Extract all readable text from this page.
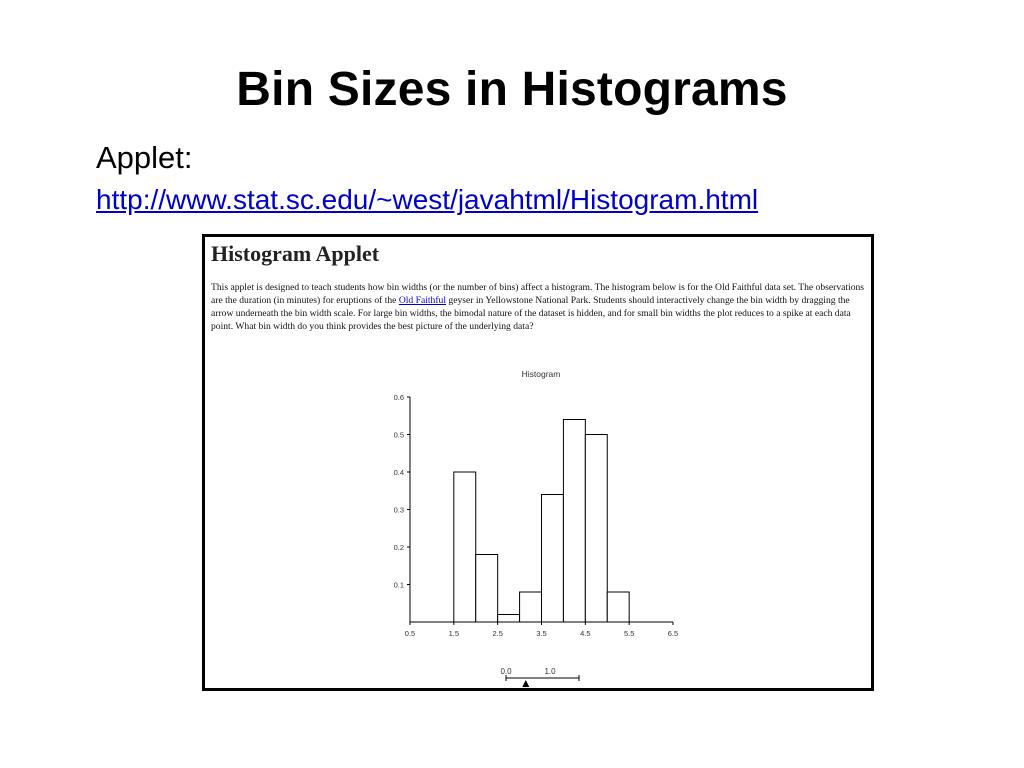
Bin Sizes in Histograms
Applet:
http://www.stat.sc.edu/~west/javahtml/Histogram.html
Histogram Applet
This applet is designed to teach students how bin widths (or the number of bins) affect a histogram. The histogram below is for the Old Faithful data set. The observations are the duration (in minutes) for eruptions of the Old Faithful geyser in Yellowstone National Park. Students should interactively change the bin width by dragging the arrow underneath the bin width scale. For large bin widths, the bimodal nature of the dataset is hidden, and for small bin widths the plot reduces to a spike at each data point. What bin width do you think provides the best picture of the underlying data?
Histogram
0.1
0.2
0.3
0.4
0.5
0.6
0.5	1.5	2.5	3.5	4.5	5.5	6.5
0.0	1.0
